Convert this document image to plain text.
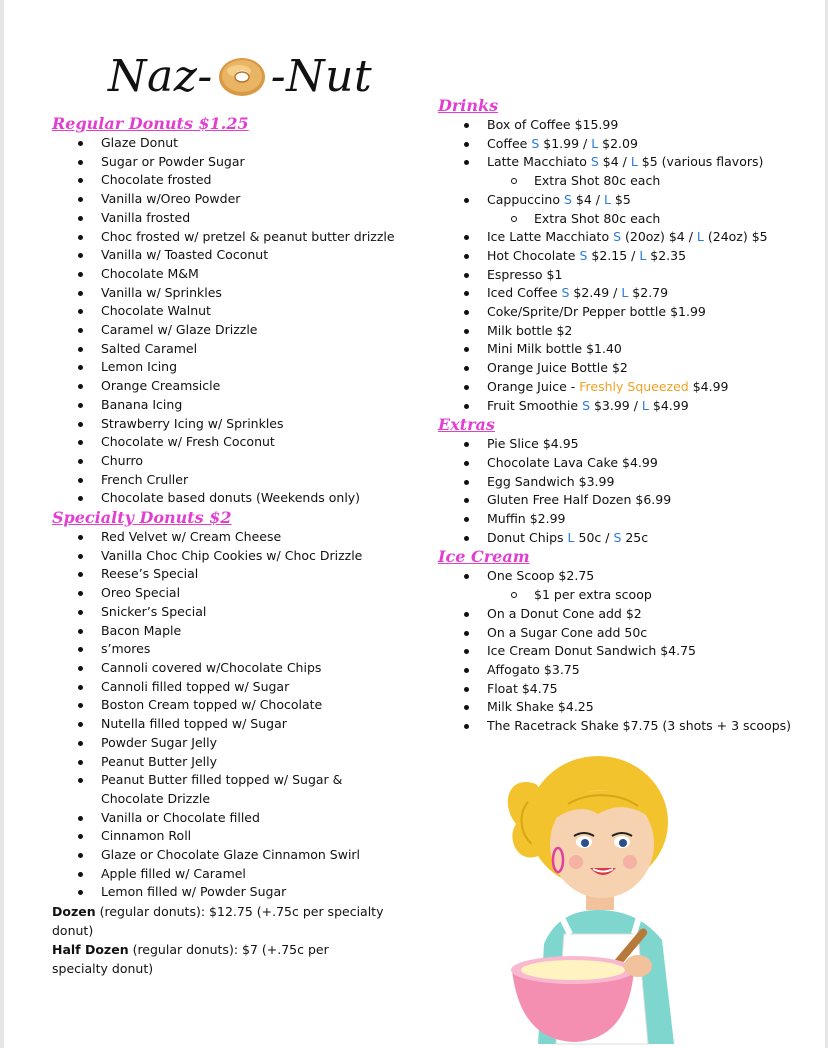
Naz- -Nut
Regular Donuts $1.25
Glaze Donut
Sugar or Powder Sugar
Chocolate frosted
Vanilla w/Oreo Powder
Vanilla frosted
Choc frosted w/ pretzel & peanut butter drizzle
Vanilla w/ Toasted Coconut
Chocolate M&M
Vanilla w/ Sprinkles
Chocolate Walnut
Caramel w/ Glaze Drizzle
Salted Caramel
Lemon Icing
Orange Creamsicle
Banana Icing
Strawberry Icing w/ Sprinkles
Chocolate w/ Fresh Coconut
Churro
French Cruller
Chocolate based donuts (Weekends only)
Specialty Donuts $2
Red Velvet w/ Cream Cheese
Vanilla Choc Chip Cookies w/ Choc Drizzle
Reese’s Special
Oreo Special
Snicker’s Special
Bacon Maple
s’mores
Cannoli covered w/Chocolate Chips
Cannoli filled topped w/ Sugar
Boston Cream topped w/ Chocolate
Nutella filled topped w/ Sugar
Powder Sugar Jelly
Peanut Butter Jelly
Peanut Butter filled topped w/ Sugar &
Chocolate Drizzle
Vanilla or Chocolate filled
Cinnamon Roll
Glaze or Chocolate Glaze Cinnamon Swirl
Apple filled w/ Caramel
Lemon filled w/ Powder Sugar
Dozen (regular donuts): $12.75 (+.75c per specialty donut)
Half Dozen (regular donuts): $7 (+.75c per specialty donut)
Drinks
Box of Coffee $15.99
Coffee S $1.99 / L $2.09
Latte Macchiato S $4 / L $5 (various flavors)
Extra Shot 80c each
Cappuccino S $4 / L $5
Extra Shot 80c each
Ice Latte Macchiato S (20oz) $4 / L (24oz) $5
Hot Chocolate S $2.15 / L $2.35
Espresso $1
Iced Coffee S $2.49 / L $2.79
Coke/Sprite/Dr Pepper bottle $1.99
Milk bottle $2
Mini Milk bottle $1.40
Orange Juice Bottle $2
Orange Juice - Freshly Squeezed $4.99
Fruit Smoothie S $3.99 / L $4.99
Extras
Pie Slice $4.95
Chocolate Lava Cake $4.99
Egg Sandwich $3.99
Gluten Free Half Dozen $6.99
Muffin $2.99
Donut Chips L 50c / S 25c
Ice Cream
One Scoop $2.75
$1 per extra scoop
On a Donut Cone add $2
On a Sugar Cone add 50c
Ice Cream Donut Sandwich $4.75
Affogato $3.75
Float $4.75
Milk Shake $4.25
The Racetrack Shake $7.75 (3 shots + 3 scoops)
